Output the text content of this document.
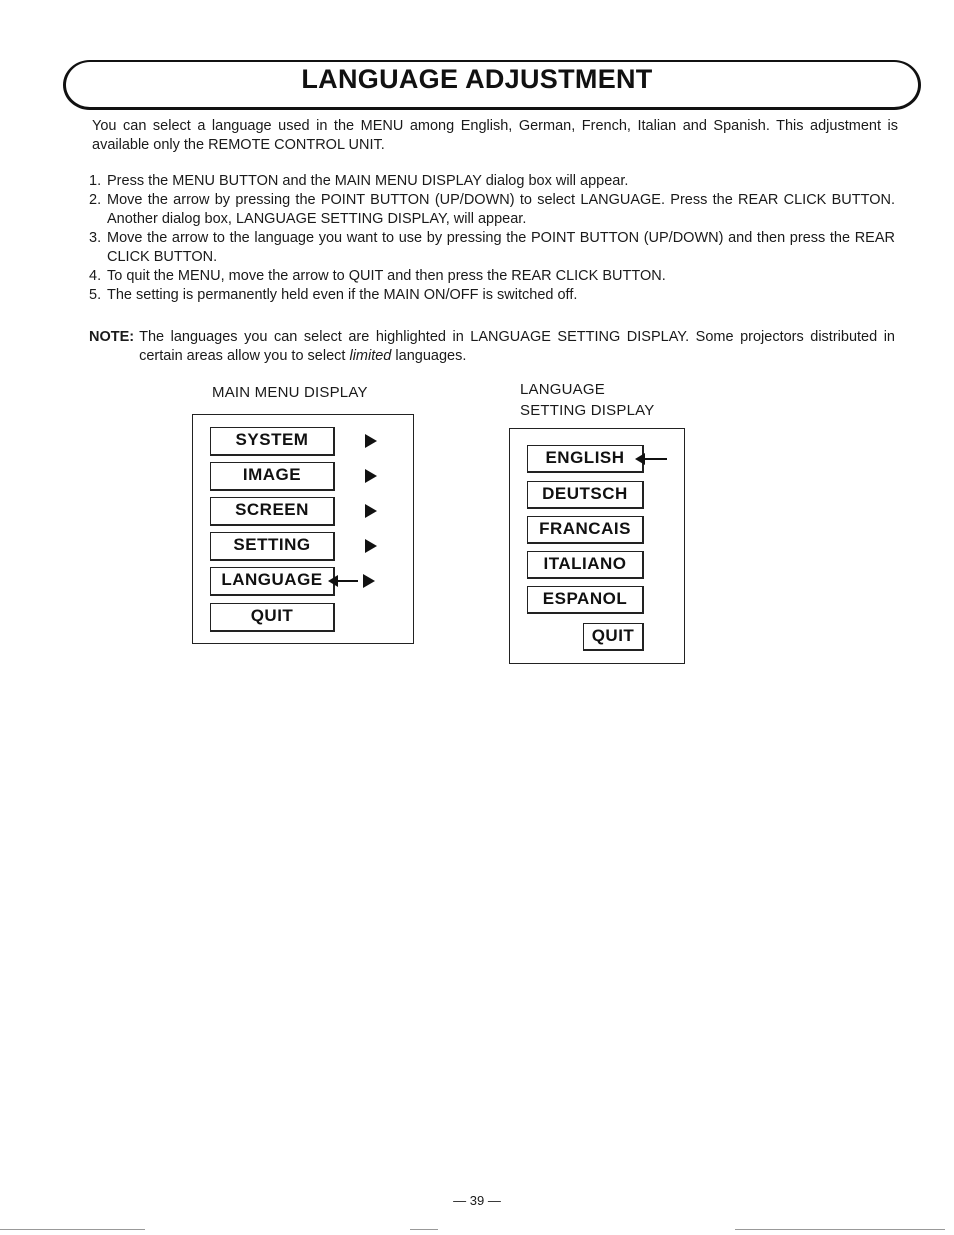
LANGUAGE ADJUSTMENT

You can select a language used in the MENU among English, German, French, Italian and Spanish. This adjustment is available only the REMOTE CONTROL UNIT.

1. Press the MENU BUTTON and the MAIN MENU DISPLAY dialog box will appear.
2. Move the arrow by pressing the POINT BUTTON (UP/DOWN) to select LANGUAGE. Press the REAR CLICK BUTTON. Another dialog box, LANGUAGE SETTING DISPLAY, will appear.
3. Move the arrow to the language you want to use by pressing the POINT BUTTON (UP/DOWN) and then press the REAR CLICK BUTTON.
4. To quit the MENU, move the arrow to QUIT and then press the REAR CLICK BUTTON.
5. The setting is permanently held even if the MAIN ON/OFF is switched off.
NOTE: The languages you can select are highlighted in LANGUAGE SETTING DISPLAY. Some projectors distributed in certain areas allow you to select limited languages.
MAIN MENU DISPLAY
SYSTEM
IMAGE
SCREEN
SETTING
LANGUAGE
QUIT
LANGUAGE
SETTING DISPLAY
ENGLISH
DEUTSCH
FRANCAIS
ITALIANO
ESPANOL
QUIT
— 39 —
